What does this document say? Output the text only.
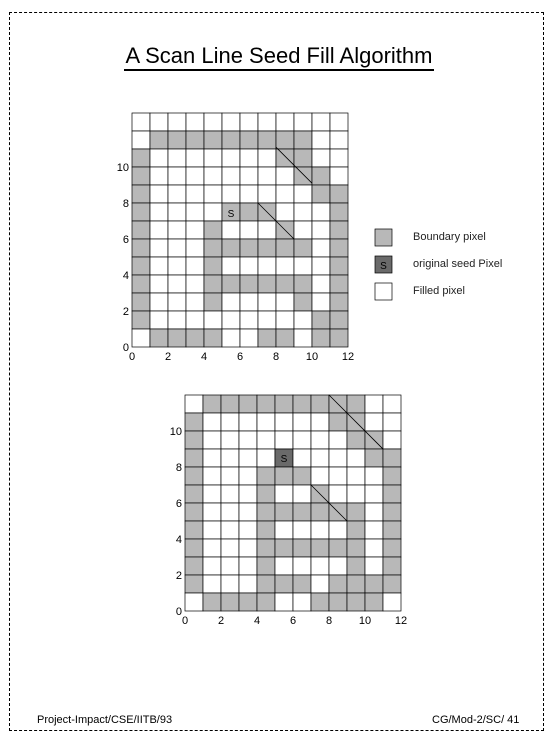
A Scan Line Seed Fill Algorithm
S
0	2	4	6	8 10 12
0
2
4
6
8
10
S
0	2	4	6	8 10 12
0
2
4
6
8
10
S
Boundary pixel
original seed Pixel
Filled pixel
Project-Impact/CSE/IITB/93	CG/Mod-2/SC/ 41
